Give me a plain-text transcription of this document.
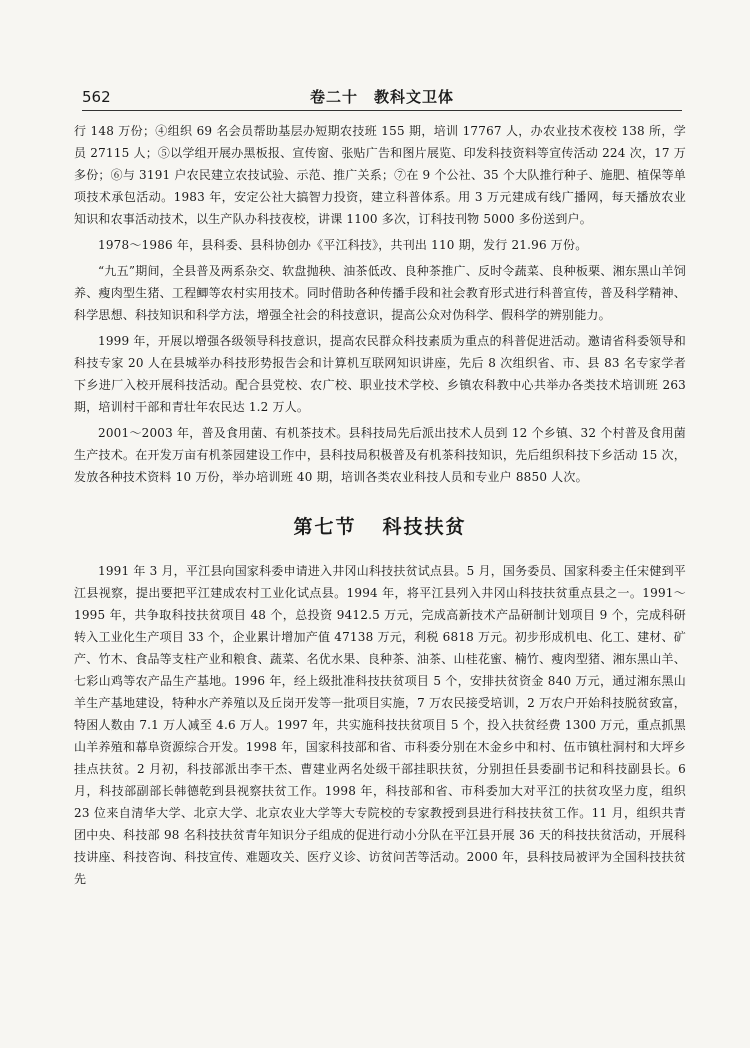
562	卷二十　教科文卫体

行 148 万份；④组织 69 名会员帮助基层办短期农技班 155 期，培训 17767 人，办农业技术夜校 138 所，学员 27115 人；⑤以学组开展办黑板报、宣传窗、张贴广告和图片展览、印发科技资料等宣传活动 224 次，17 万多份；⑥与 3191 户农民建立农技试验、示范、推广关系；⑦在 9 个公社、35 个大队推行种子、施肥、植保等单项技术承包活动。1983 年，安定公社大搞智力投资，建立科普体系。用 3 万元建成有线广播网，每天播放农业知识和农事活动技术，以生产队办科技夜校，讲课 1100 多次，订科技刊物 5000 多份送到户。

1978～1986 年，县科委、县科协创办《平江科技》，共刊出 110 期，发行 21.96 万份。

“九五”期间，全县普及两系杂交、软盘抛秧、油茶低改、良种茶推广、反时令蔬菜、良种板栗、湘东黑山羊饲养、瘦肉型生猪、工程鲫等农村实用技术。同时借助各种传播手段和社会教育形式进行科普宣传，普及科学精神、科学思想、科技知识和科学方法，增强全社会的科技意识，提高公众对伪科学、假科学的辨别能力。

1999 年，开展以增强各级领导科技意识，提高农民群众科技素质为重点的科普促进活动。邀请省科委领导和科技专家 20 人在县城举办科技形势报告会和计算机互联网知识讲座，先后 8 次组织省、市、县 83 名专家学者下乡进厂入校开展科技活动。配合县党校、农广校、职业技术学校、乡镇农科教中心共举办各类技术培训班 263 期，培训村干部和青壮年农民达 1.2 万人。

2001～2003 年，普及食用菌、有机茶技术。县科技局先后派出技术人员到 12 个乡镇、32 个村普及食用菌生产技术。在开发万亩有机茶园建设工作中，县科技局积极普及有机茶科技知识，先后组织科技下乡活动 15 次，发放各种技术资料 10 万份，举办培训班 40 期，培训各类农业科技人员和专业户 8850 人次。

第七节 科技扶贫

1991 年 3 月，平江县向国家科委申请进入井冈山科技扶贫试点县。5 月，国务委员、国家科委主任宋健到平江县视察，提出要把平江建成农村工业化试点县。1994 年，将平江县列入井冈山科技扶贫重点县之一。1991～1995 年，共争取科技扶贫项目 48 个，总投资 9412.5 万元，完成高新技术产品研制计划项目 9 个，完成科研转入工业化生产项目 33 个，企业累计增加产值 47138 万元，利税 6818 万元。初步形成机电、化工、建材、矿产、竹木、食品等支柱产业和粮食、蔬菜、名优水果、良种茶、油茶、山桂花蜜、楠竹、瘦肉型猪、湘东黑山羊、七彩山鸡等农产品生产基地。1996 年，经上级批准科技扶贫项目 5 个，安排扶贫资金 840 万元，通过湘东黑山羊生产基地建设，特种水产养殖以及丘岗开发等一批项目实施，7 万农民接受培训，2 万农户开始科技脱贫致富，特困人数由 7.1 万人减至 4.6 万人。1997 年，共实施科技扶贫项目 5 个，投入扶贫经费 1300 万元，重点抓黑山羊养殖和幕阜资源综合开发。1998 年，国家科技部和省、市科委分别在木金乡中和村、伍市镇杜洞村和大坪乡挂点扶贫。2 月初，科技部派出李干杰、曹建业两名处级干部挂职扶贫，分别担任县委副书记和科技副县长。6 月，科技部副部长韩德乾到县视察扶贫工作。1998 年，科技部和省、市科委加大对平江的扶贫攻坚力度，组织 23 位来自清华大学、北京大学、北京农业大学等大专院校的专家教授到县进行科技扶贫工作。11 月，组织共青团中央、科技部 98 名科技扶贫青年知识分子组成的促进行动小分队在平江县开展 36 天的科技扶贫活动，开展科技讲座、科技咨询、科技宣传、难题攻关、医疗义诊、访贫问苦等活动。2000 年，县科技局被评为全国科技扶贫先
